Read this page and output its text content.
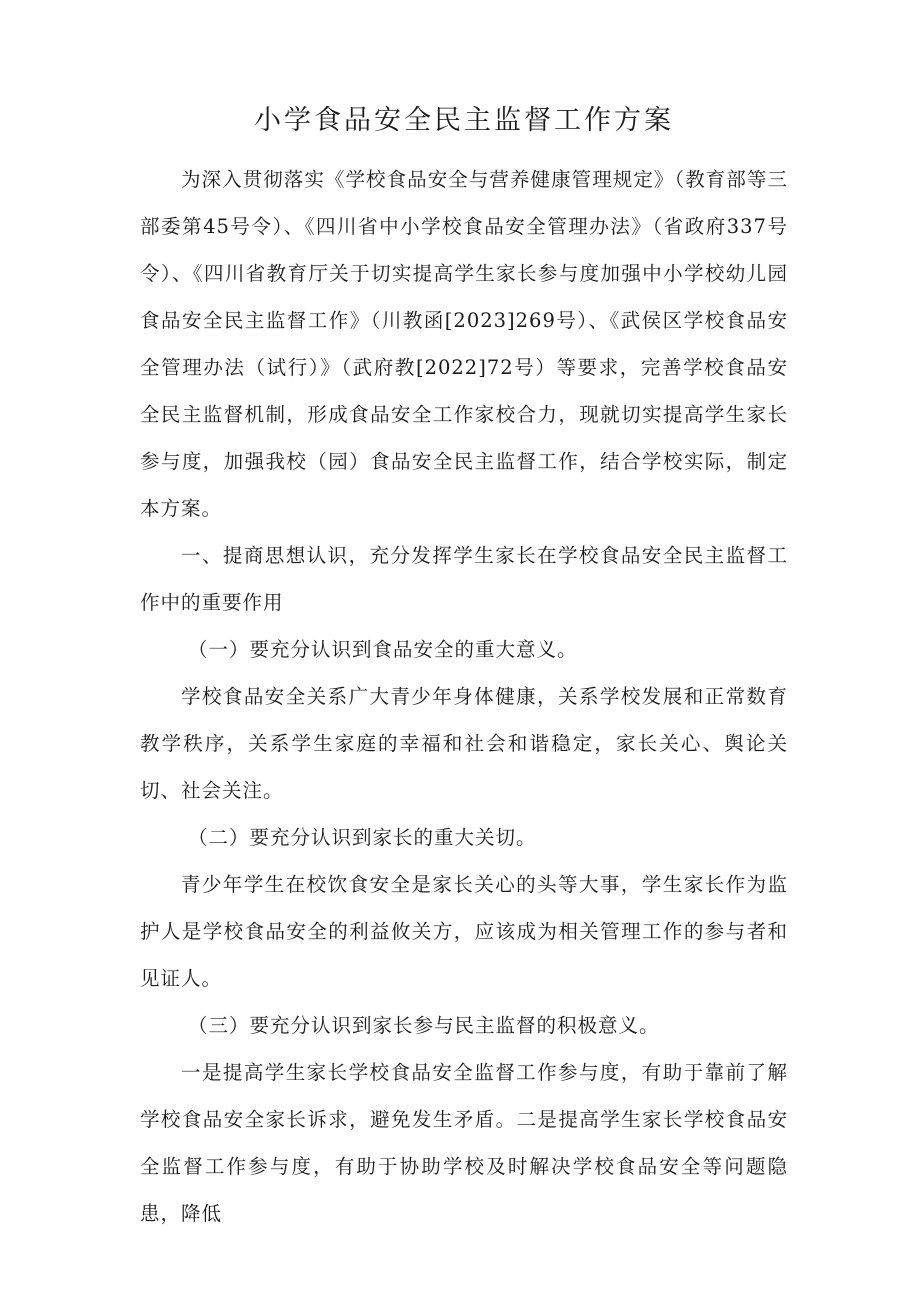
小学食品安全民主监督工作方案

为深入贯彻落实《学校食品安全与营养健康管理规定》（教育部等三部委第45号令）、《四川省中小学校食品安全管理办法》（省政府337号令）、《四川省教育厅关于切实提高学生家长参与度加强中小学校幼儿园食品安全民主监督工作》（川教函[2023]269号）、《武侯区学校食品安全管理办法（试行）》（武府教[2022]72号）等要求，完善学校食品安全民主监督机制，形成食品安全工作家校合力，现就切实提高学生家长参与度，加强我校（园）食品安全民主监督工作，结合学校实际，制定本方案。

一、提商思想认识，充分发挥学生家长在学校食品安全民主监督工作中的重要作用

（一）要充分认识到食品安全的重大意义。

学校食品安全关系广大青少年身体健康，关系学校发展和正常数育教学秩序，关系学生家庭的幸福和社会和谐稳定，家长关心、舆论关切、社会关注。

（二）要充分认识到家长的重大关切。

青少年学生在校饮食安全是家长关心的头等大事，学生家长作为监护人是学校食品安全的利益攸关方，应该成为相关管理工作的参与者和见证人。

（三）要充分认识到家长参与民主监督的积极意义。

一是提高学生家长学校食品安全监督工作参与度，有助于靠前了解学校食品安全家长诉求，避免发生矛盾。二是提高学生家长学校食品安全监督工作参与度，有助于协助学校及时解决学校食品安全等问题隐患，降低
